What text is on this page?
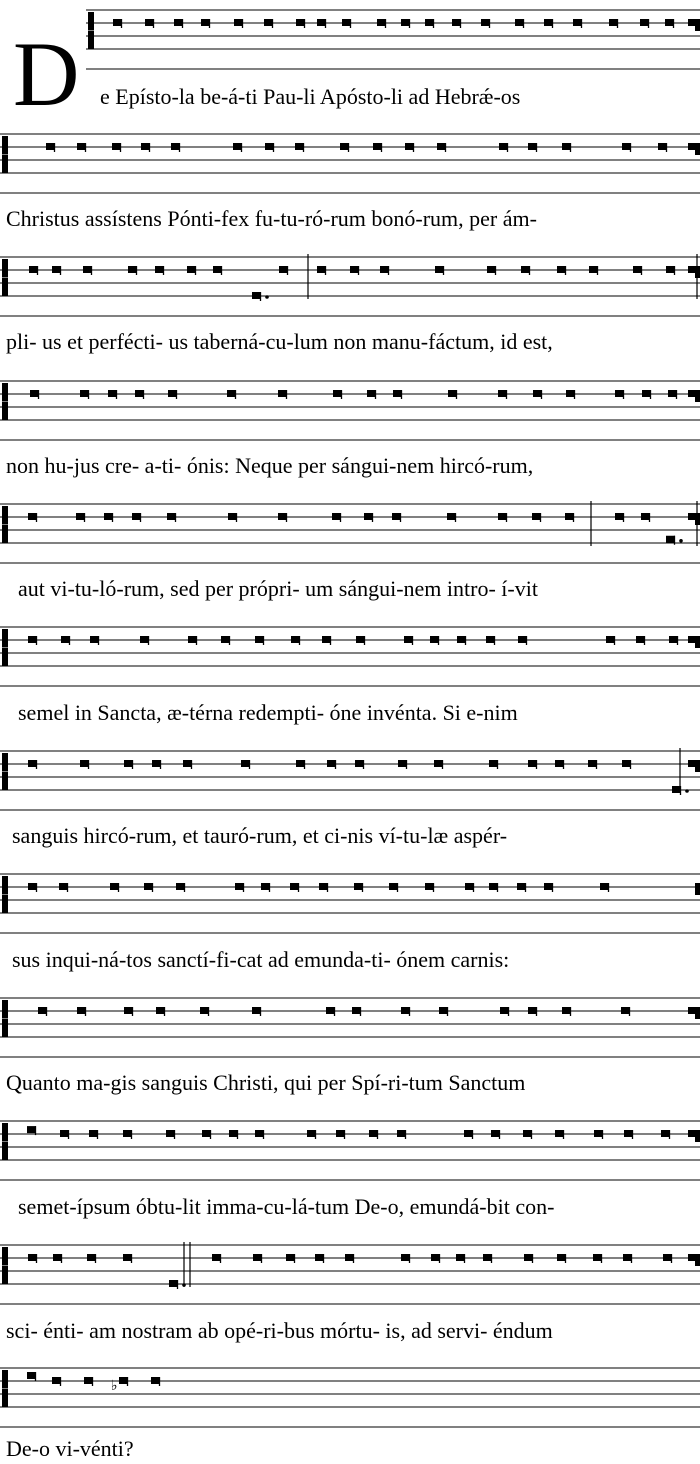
♭
D e Epísto-la be-á-ti Pau-li Apósto-li ad Hebrǽ-os
Christus assístens Pónti-fex fu-tu-ró-rum bonó-rum, per ám-
pli- us et perfécti- us taberná-cu-lum non manu-fáctum, id est,
non hu-jus cre- a-ti- ónis: Neque per sángui-nem hircó-rum,
aut vi-tu-ló-rum, sed per própri- um sángui-nem intro- í-vit
semel in Sancta, æ-térna redempti- óne invénta. Si e-nim
sanguis hircó-rum, et tauró-rum, et ci-nis ví-tu-læ aspér-
sus inqui-ná-tos sanctí-fi-cat ad emunda-ti- ónem carnis:
Quanto ma-gis sanguis Christi, qui per Spí-ri-tum Sanctum
semet-ípsum óbtu-lit imma-cu-lá-tum De-o, emundá-bit con-
sci- énti- am nostram ab opé-ri-bus mórtu- is, ad servi- éndum
De-o vi-vénti?
